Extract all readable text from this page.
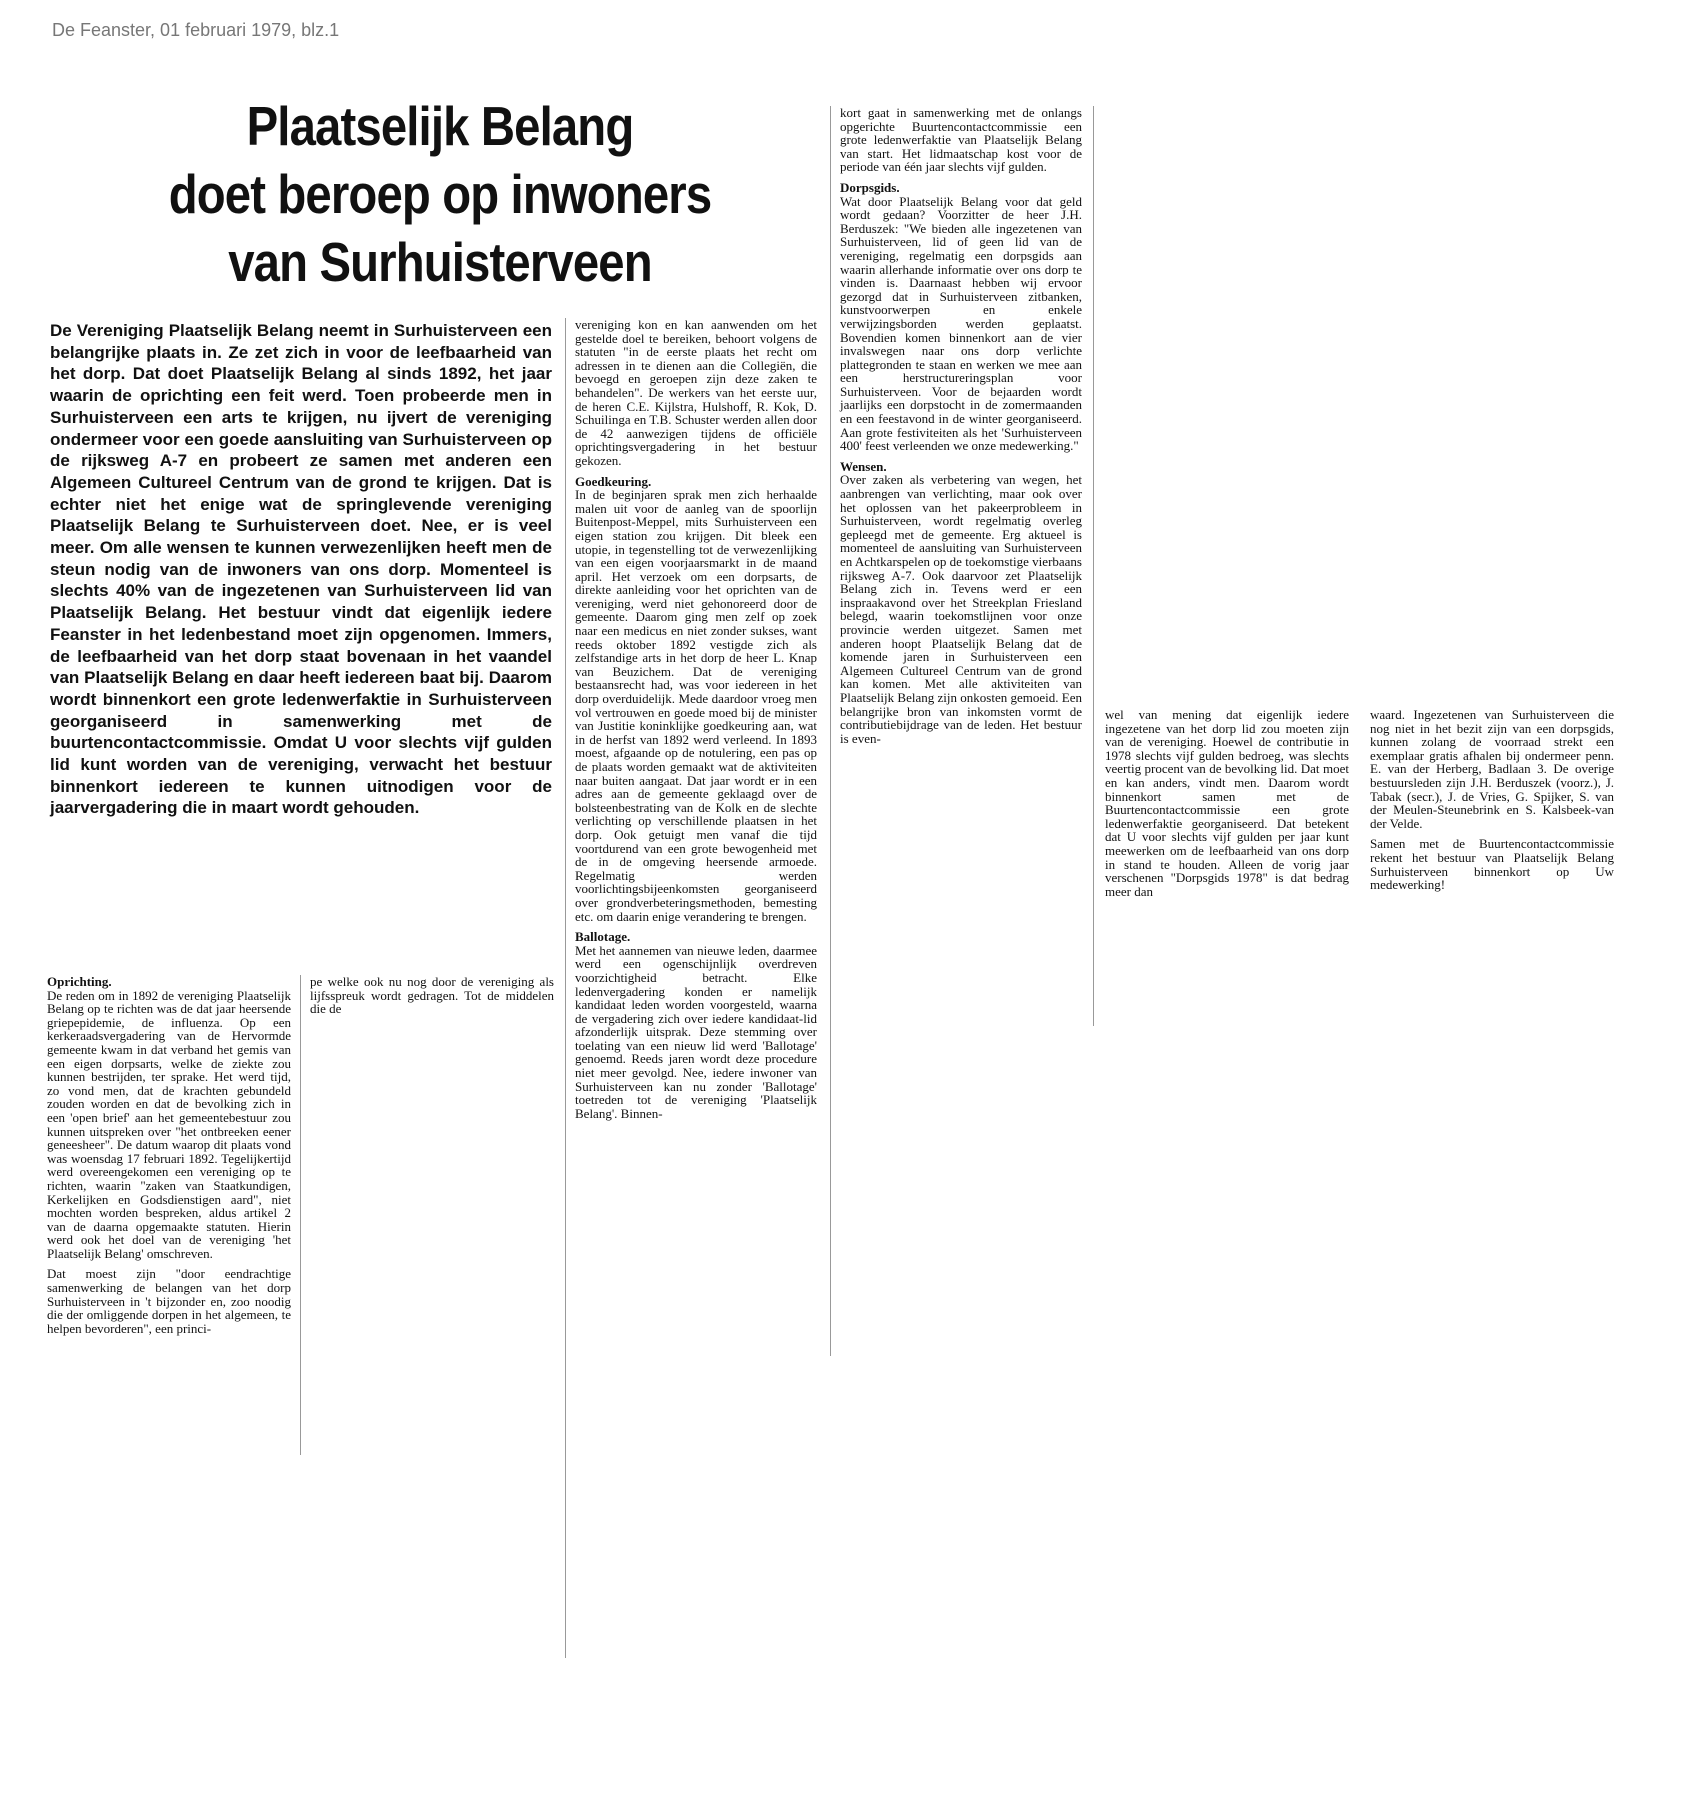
De Feanster, 01 februari 1979, blz.1
Plaatselijk Belang
doet beroep op inwoners
van Surhuisterveen
De Vereniging Plaatselijk Belang neemt in Surhuisterveen een belangrijke plaats in. Ze zet zich in voor de leefbaarheid van het dorp. Dat doet Plaatselijk Belang al sinds 1892, het jaar waarin de oprichting een feit werd. Toen probeerde men in Surhuisterveen een arts te krijgen, nu ijvert de vereniging ondermeer voor een goede aansluiting van Surhuisterveen op de rijksweg A-7 en probeert ze samen met anderen een Algemeen Cultureel Centrum van de grond te krijgen. Dat is echter niet het enige wat de springlevende vereniging Plaatselijk Belang te Surhuisterveen doet. Nee, er is veel meer. Om alle wensen te kunnen verwezenlijken heeft men de steun nodig van de inwoners van ons dorp. Momenteel is slechts 40% van de ingezetenen van Surhuisterveen lid van Plaatselijk Belang. Het bestuur vindt dat eigenlijk iedere Feanster in het ledenbestand moet zijn opgenomen. Immers, de leefbaarheid van het dorp staat bovenaan in het vaandel van Plaatselijk Belang en daar heeft iedereen baat bij. Daarom wordt binnenkort een grote ledenwerfaktie in Surhuisterveen georganiseerd in samenwerking met de buurtencontactcommissie. Omdat U voor slechts vijf gulden lid kunt worden van de vereniging, verwacht het bestuur binnenkort iedereen te kunnen uitnodigen voor de jaarvergadering die in maart wordt gehouden.

Oprichting.

De reden om in 1892 de vereniging Plaatselijk Belang op te richten was de dat jaar heersende griepepidemie, de influenza. Op een kerkeraadsvergadering van de Hervormde gemeente kwam in dat verband het gemis van een eigen dorpsarts, welke de ziekte zou kunnen bestrijden, ter sprake. Het werd tijd, zo vond men, dat de krachten gebundeld zouden worden en dat de bevolking zich in een 'open brief' aan het gemeentebestuur zou kunnen uitspreken over "het ontbreeken eener geneesheer". De datum waarop dit plaats vond was woensdag 17 februari 1892. Tegelijkertijd werd overeengekomen een vereniging op te richten, waarin "zaken van Staatkundigen, Kerkelijken en Godsdienstigen aard", niet mochten worden bespreken, aldus artikel 2 van de daarna opgemaakte statuten. Hierin werd ook het doel van de vereniging 'het Plaatselijk Belang' omschreven.

Dat moest zijn "door eendrachtige samenwerking de belangen van het dorp Surhuisterveen in 't bijzonder en, zoo noodig die der omliggende dorpen in het algemeen, te helpen bevorderen", een princi-

pe welke ook nu nog door de vereniging als lijfsspreuk wordt gedragen. Tot de middelen die de

vereniging kon en kan aanwenden om het gestelde doel te bereiken, behoort volgens de statuten "in de eerste plaats het recht om adressen in te dienen aan die Collegiën, die bevoegd en geroepen zijn deze zaken te behandelen". De werkers van het eerste uur, de heren C.E. Kijlstra, Hulshoff, R. Kok, D. Schuilinga en T.B. Schuster werden allen door de 42 aanwezigen tijdens de officiële oprichtingsvergadering in het bestuur gekozen.

Goedkeuring.

In de beginjaren sprak men zich herhaalde malen uit voor de aanleg van de spoorlijn Buitenpost-Meppel, mits Surhuisterveen een eigen station zou krijgen. Dit bleek een utopie, in tegenstelling tot de verwezenlijking van een eigen voorjaarsmarkt in de maand april. Het verzoek om een dorpsarts, de direkte aanleiding voor het oprichten van de vereniging, werd niet gehonoreerd door de gemeente. Daarom ging men zelf op zoek naar een medicus en niet zonder sukses, want reeds oktober 1892 vestigde zich als zelfstandige arts in het dorp de heer L. Knap van Beuzichem. Dat de vereniging bestaansrecht had, was voor iedereen in het dorp overduidelijk. Mede daardoor vroeg men vol vertrouwen en goede moed bij de minister van Justitie koninklijke goedkeuring aan, wat in de herfst van 1892 werd verleend. In 1893 moest, afgaande op de notulering, een pas op de plaats worden gemaakt wat de aktiviteiten naar buiten aangaat. Dat jaar wordt er in een adres aan de gemeente geklaagd over de bolsteenbestrating van de Kolk en de slechte verlichting op verschillende plaatsen in het dorp. Ook getuigt men vanaf die tijd voortdurend van een grote bewogenheid met de in de omgeving heersende armoede. Regelmatig werden voorlichtingsbijeenkomsten georganiseerd over grondverbeteringsmethoden, bemesting etc. om daarin enige verandering te brengen.

Ballotage.

Met het aannemen van nieuwe leden, daarmee werd een ogenschijnlijk overdreven voorzichtigheid betracht. Elke ledenvergadering konden er namelijk kandidaat leden worden voorgesteld, waarna de vergadering zich over iedere kandidaat-lid afzonderlijk uitsprak. Deze stemming over toelating van een nieuw lid werd 'Ballotage' genoemd. Reeds jaren wordt deze procedure niet meer gevolgd. Nee, iedere inwoner van Surhuisterveen kan nu zonder 'Ballotage' toetreden tot de vereniging 'Plaatselijk Belang'. Binnen-

kort gaat in samenwerking met de onlangs opgerichte Buurtencontactcommissie een grote ledenwerfaktie van Plaatselijk Belang van start. Het lidmaatschap kost voor de periode van één jaar slechts vijf gulden.

Dorpsgids.

Wat door Plaatselijk Belang voor dat geld wordt gedaan? Voorzitter de heer J.H. Berduszek: "We bieden alle ingezetenen van Surhuisterveen, lid of geen lid van de vereniging, regelmatig een dorpsgids aan waarin allerhande informatie over ons dorp te vinden is. Daarnaast hebben wij ervoor gezorgd dat in Surhuisterveen zitbanken, kunstvoorwerpen en enkele verwijzingsborden werden geplaatst. Bovendien komen binnenkort aan de vier invalswegen naar ons dorp verlichte plattegronden te staan en werken we mee aan een herstructureringsplan voor Surhuisterveen. Voor de bejaarden wordt jaarlijks een dorpstocht in de zomermaanden en een feestavond in de winter georganiseerd. Aan grote festiviteiten als het 'Surhuisterveen 400' feest verleenden we onze medewerking."

Wensen.

Over zaken als verbetering van wegen, het aanbrengen van verlichting, maar ook over het oplossen van het pakeerprobleem in Surhuisterveen, wordt regelmatig overleg gepleegd met de gemeente. Erg aktueel is momenteel de aansluiting van Surhuisterveen en Achtkarspelen op de toekomstige vierbaans rijksweg A-7. Ook daarvoor zet Plaatselijk Belang zich in. Tevens werd er een inspraakavond over het Streekplan Friesland belegd, waarin toekomstlijnen voor onze provincie werden uitgezet. Samen met anderen hoopt Plaatselijk Belang dat de komende jaren in Surhuisterveen een Algemeen Cultureel Centrum van de grond kan komen. Met alle aktiviteiten van Plaatselijk Belang zijn onkosten gemoeid. Een belangrijke bron van inkomsten vormt de contributiebijdrage van de leden. Het bestuur is even-

wel van mening dat eigenlijk iedere ingezetene van het dorp lid zou moeten zijn van de vereniging. Hoewel de contributie in 1978 slechts vijf gulden bedroeg, was slechts veertig procent van de bevolking lid. Dat moet en kan anders, vindt men. Daarom wordt binnenkort samen met de Buurtencontactcommissie een grote ledenwerfaktie georganiseerd. Dat betekent dat U voor slechts vijf gulden per jaar kunt meewerken om de leefbaarheid van ons dorp in stand te houden. Alleen de vorig jaar verschenen "Dorpsgids 1978" is dat bedrag meer dan

waard. Ingezetenen van Surhuisterveen die nog niet in het bezit zijn van een dorpsgids, kunnen zolang de voorraad strekt een exemplaar gratis afhalen bij ondermeer penn. E. van der Herberg, Badlaan 3. De overige bestuursleden zijn J.H. Berduszek (voorz.), J. Tabak (secr.), J. de Vries, G. Spijker, S. van der Meulen-Steunebrink en S. Kalsbeek-van der Velde.

Samen met de Buurtencontactcommissie rekent het bestuur van Plaatselijk Belang Surhuisterveen binnenkort op Uw medewerking!
